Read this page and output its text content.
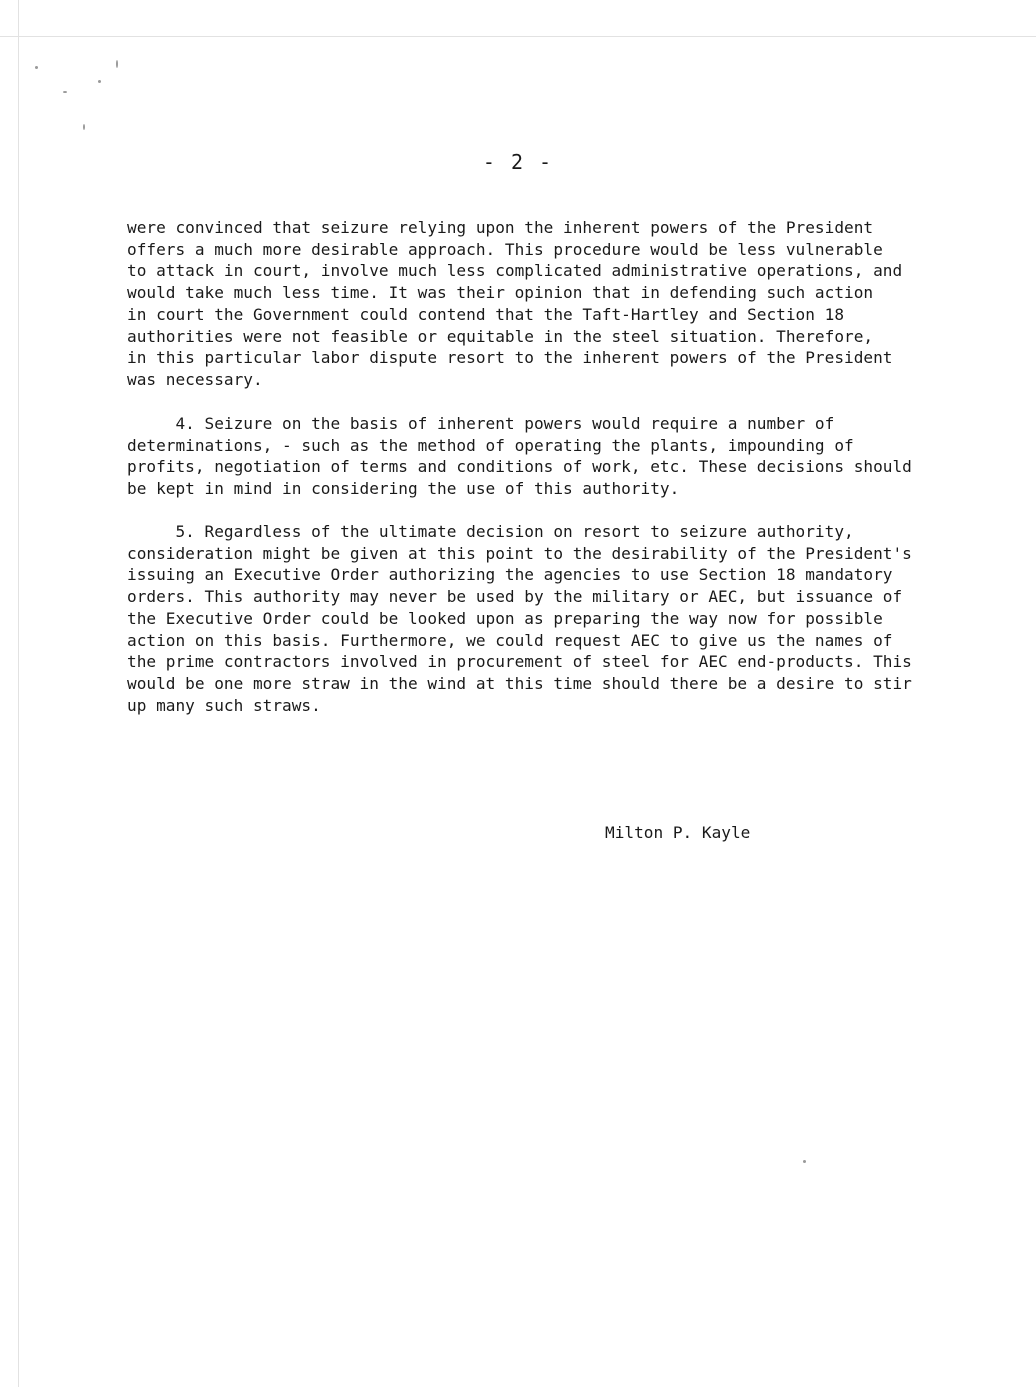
- 2 -

were convinced that seizure relying upon the inherent powers of the President
offers a much more desirable approach. This procedure would be less vulnerable
to attack in court, involve much less complicated administrative operations, and
would take much less time. It was their opinion that in defending such action
in court the Government could contend that the Taft-Hartley and Section 18
authorities were not feasible or equitable in the steel situation. Therefore,
in this particular labor dispute resort to the inherent powers of the President
was necessary.

4. Seizure on the basis of inherent powers would require a number of
determinations, - such as the method of operating the plants, impounding of
profits, negotiation of terms and conditions of work, etc. These decisions should
be kept in mind in considering the use of this authority.

5. Regardless of the ultimate decision on resort to seizure authority,
consideration might be given at this point to the desirability of the President's
issuing an Executive Order authorizing the agencies to use Section 18 mandatory
orders. This authority may never be used by the military or AEC, but issuance of
the Executive Order could be looked upon as preparing the way now for possible
action on this basis. Furthermore, we could request AEC to give us the names of
the prime contractors involved in procurement of steel for AEC end-products. This
would be one more straw in the wind at this time should there be a desire to stir
up many such straws.

Milton P. Kayle
